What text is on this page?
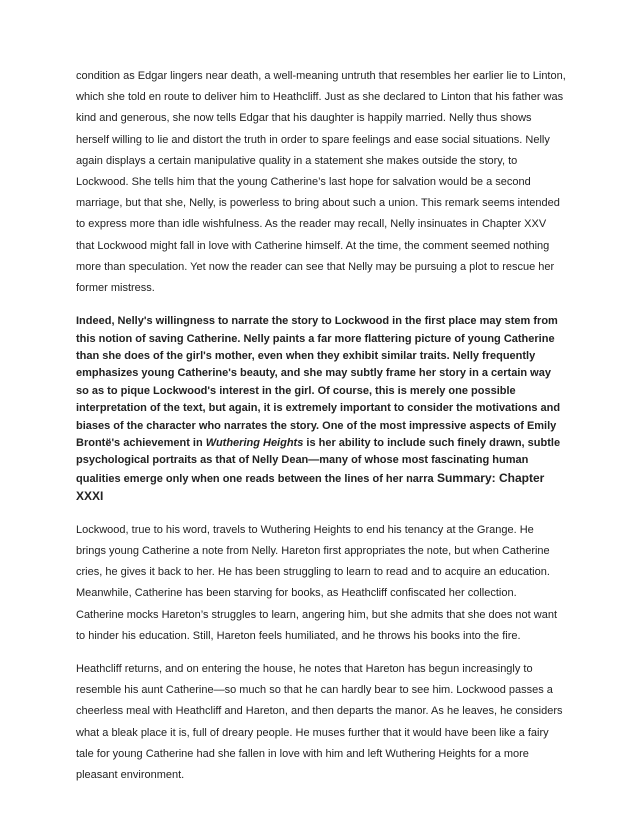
condition as Edgar lingers near death, a well-meaning untruth that resembles her earlier lie to Linton, which she told en route to deliver him to Heathcliff. Just as she declared to Linton that his father was kind and generous, she now tells Edgar that his daughter is happily married. Nelly thus shows herself willing to lie and distort the truth in order to spare feelings and ease social situations. Nelly again displays a certain manipulative quality in a statement she makes outside the story, to Lockwood. She tells him that the young Catherine’s last hope for salvation would be a second marriage, but that she, Nelly, is powerless to bring about such a union. This remark seems intended to express more than idle wishfulness. As the reader may recall, Nelly insinuates in Chapter XXV that Lockwood might fall in love with Catherine himself. At the time, the comment seemed nothing more than speculation. Yet now the reader can see that Nelly may be pursuing a plot to rescue her former mistress.

Indeed, Nelly's willingness to narrate the story to Lockwood in the first place may stem from this notion of saving Catherine. Nelly paints a far more flattering picture of young Catherine than she does of the girl's mother, even when they exhibit similar traits. Nelly frequently emphasizes young Catherine's beauty, and she may subtly frame her story in a certain way so as to pique Lockwood's interest in the girl. Of course, this is merely one possible interpretation of the text, but again, it is extremely important to consider the motivations and biases of the character who narrates the story. One of the most impressive aspects of Emily Brontë's achievement in Wuthering Heights is her ability to include such finely drawn, subtle psychological portraits as that of Nelly Dean—many of whose most fascinating human qualities emerge only when one reads between the lines of her narra Summary: Chapter XXXI

Lockwood, true to his word, travels to Wuthering Heights to end his tenancy at the Grange. He brings young Catherine a note from Nelly. Hareton first appropriates the note, but when Catherine cries, he gives it back to her. He has been struggling to learn to read and to acquire an education. Meanwhile, Catherine has been starving for books, as Heathcliff confiscated her collection. Catherine mocks Hareton’s struggles to learn, angering him, but she admits that she does not want to hinder his education. Still, Hareton feels humiliated, and he throws his books into the fire.

Heathcliff returns, and on entering the house, he notes that Hareton has begun increasingly to resemble his aunt Catherine—so much so that he can hardly bear to see him. Lockwood passes a cheerless meal with Heathcliff and Hareton, and then departs the manor. As he leaves, he considers what a bleak place it is, full of dreary people. He muses further that it would have been like a fairy tale for young Catherine had she fallen in love with him and left Wuthering Heights for a more pleasant environment.
